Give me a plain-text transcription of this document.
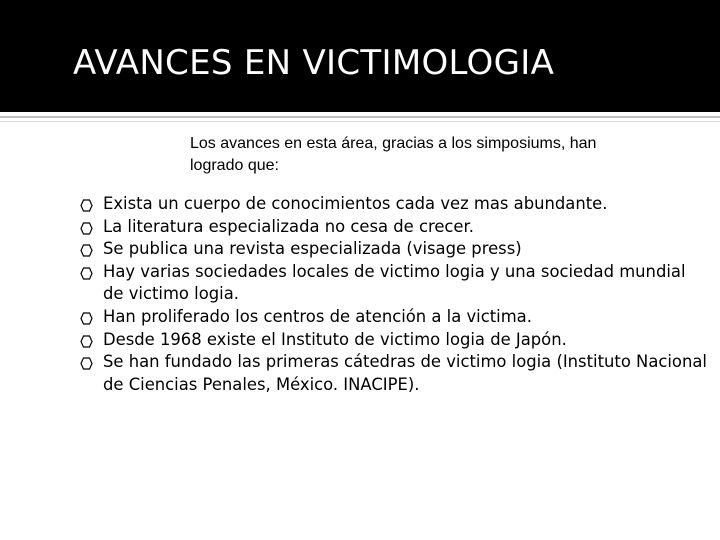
AVANCES EN VICTIMOLOGIA

Los avances en esta área, gracias a los simposiums, han logrado que:

Exista un cuerpo de conocimientos cada vez mas abundante.
La literatura especializada no cesa de crecer.
Se publica una revista especializada (visage press)
Hay varias sociedades locales de victimo logia y una sociedad mundial de victimo logia.
Han proliferado los centros de atención a la victima.
Desde 1968 existe el Instituto de victimo logia de Japón.
Se han fundado las primeras cátedras de victimo logia (Instituto Nacional de Ciencias Penales, México. INACIPE).
